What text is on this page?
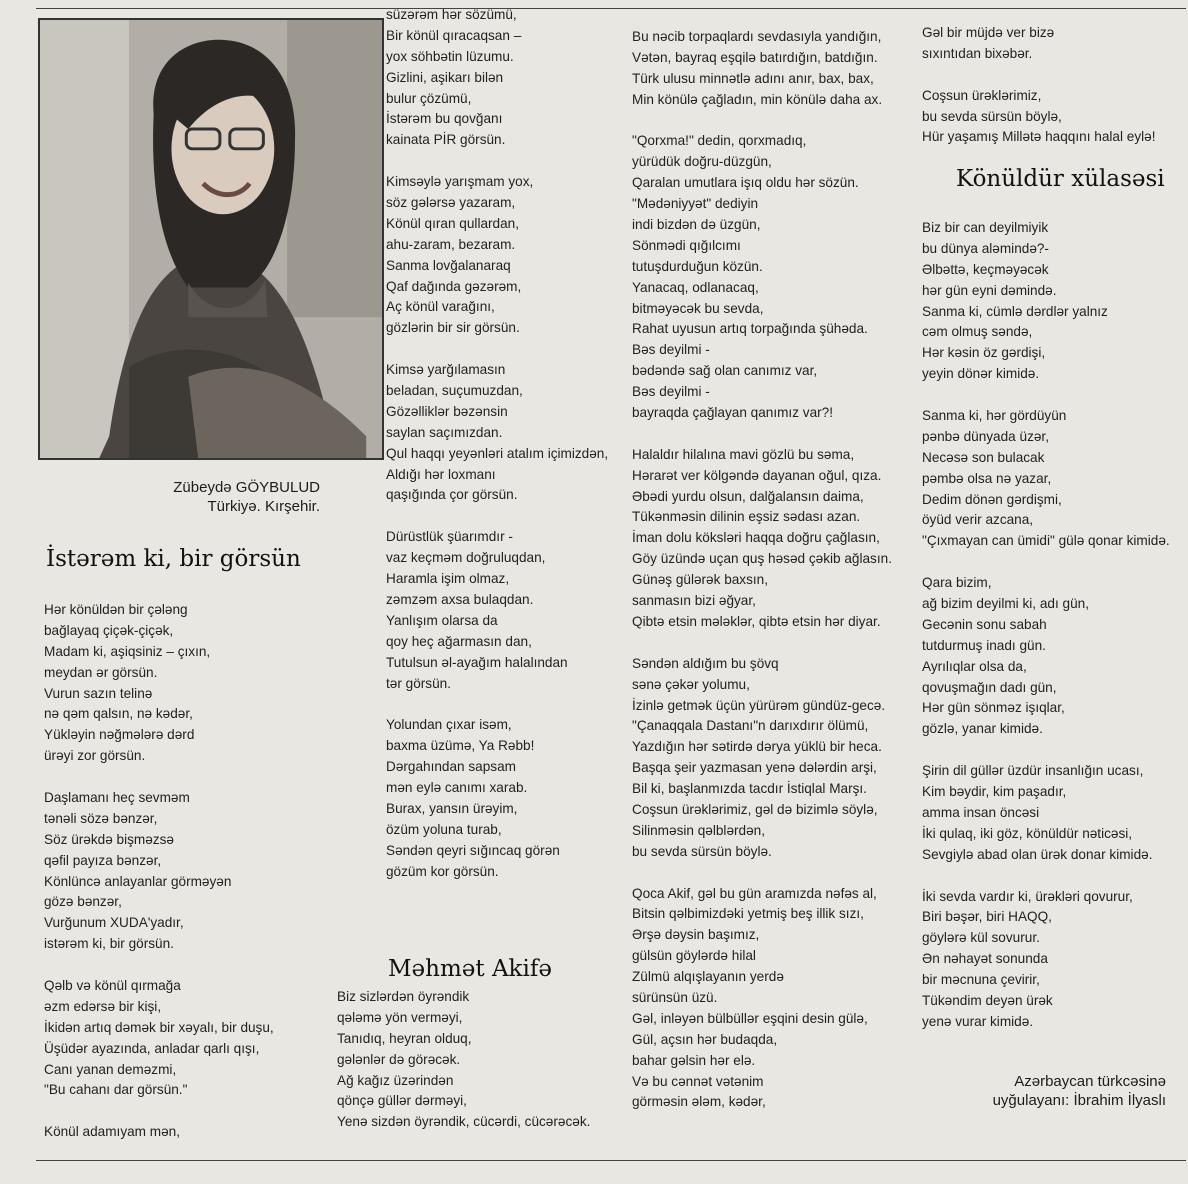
Zübeydə GÖYBULUD
Türkiyə. Kırşehir.
İstərəm ki, bir görsün
Məhmət Akifə
Könüldür xülasəsi
Hər könüldən bir çələng
bağlayaq çiçək-çiçək,
Madam ki, aşiqsiniz – çıxın,
meydan ər görsün.
Vurun sazın telinə
nə qəm qalsın, nə kədər,
Yükləyin nəğmələrə dərd
ürəyi zor görsün.
Daşlamanı heç sevməm
tənəli sözə bənzər,
Söz ürəkdə bişməzsə
qəfil payıza bənzər,
Könlüncə anlayanlar görməyən
gözə bənzər,
Vurğunum XUDA'yadır,
istərəm ki, bir görsün.
Qəlb və könül qırmağa
əzm edərsə bir kişi,
İkidən artıq dəmək bir xəyalı, bir duşu,
Üşüdər ayazında, anladar qarlı qışı,
Canı yanan deməzmi,
"Bu cahanı dar görsün."
Könül adamıyam mən,
süzərəm hər sözümü,
Bir könül qıracaqsan –
yox söhbətin lüzumu.
Gizlini, aşikarı bilən
bulur çözümü,
İstərəm bu qovğanı
kainata PİR görsün.
Kimsəylə yarışmam yox,
söz gələrsə yazaram,
Könül qıran qullardan,
ahu-zaram, bezaram.
Sanma lovğalanaraq
Qaf dağında gəzərəm,
Aç könül varağını,
gözlərin bir sir görsün.
Kimsə yarğılamasın
beladan, suçumuzdan,
Gözəlliklər bəzənsin
saylan saçımızdan.
Qul haqqı yeyənləri atalım içimizdən,
Aldığı hər loxmanı
qaşığında çor görsün.
Dürüstlük şüarımdır -
vaz keçməm doğruluqdan,
Haramla işim olmaz,
zəmzəm axsa bulaqdan.
Yanlışım olarsa da
qoy heç ağarmasın dan,
Tutulsun əl-ayağım halalından
tər görsün.
Yolundan çıxar isəm,
baxma üzümə, Ya Rəbb!
Dərgahından sapsam
mən eylə canımı xarab.
Burax, yansın ürəyim,
özüm yoluna turab,
Səndən qeyri sığıncaq görən
gözüm kor görsün.
Biz sizlərdən öyrəndik
qələmə yön verməyi,
Tanıdıq, heyran olduq,
gələnlər də görəcək.
Ağ kağız üzərindən
qönçə güllər dərməyi,
Yenə sizdən öyrəndik, cücərdi, cücərəcək.
Bu nəcib torpaqlardı sevdasıyla yandığın,
Vətən, bayraq eşqilə batırdığın, batdığın.
Türk ulusu minnətlə adını anır, bax, bax,
Min könülə çağladın, min könülə daha ax.
"Qorxma!" dedin, qorxmadıq,
yürüdük doğru-düzgün,
Qaralan umutlara işıq oldu hər sözün.
"Mədəniyyət" dediyin
indi bizdən də üzgün,
Sönmədi qığılcımı
tutuşdurduğun közün.
Yanacaq, odlanacaq,
bitməyəcək bu sevda,
Rahat uyusun artıq torpağında şühəda.
Bəs deyilmi -
bədəndə sağ olan canımız var,
Bəs deyilmi -
bayraqda çağlayan qanımız var?!
Halaldır hilalına mavi gözlü bu səma,
Hərarət ver kölgəndə dayanan oğul, qıza.
Əbədi yurdu olsun, dalğalansın daima,
Tükənməsin dilinin eşsiz sədası azan.
İman dolu köksləri haqqa doğru çağlasın,
Göy üzündə uçan quş həsəd çəkib ağlasın.
Günəş gülərək baxsın,
sanmasın bizi əğyar,
Qibtə etsin mələklər, qibtə etsin hər diyar.
Səndən aldığım bu şövq
sənə çəkər yolumu,
İzinlə getmək üçün yürürəm gündüz-gecə.
"Çanaqqala Dastanı"n darıxdırır ölümü,
Yazdığın hər sətirdə dərya yüklü bir heca.
Başqa şeir yazmasan yenə dələrdin arşi,
Bil ki, başlanmızda tacdır İstiqlal Marşı.
Coşsun ürəklərimiz, gəl də bizimlə söylə,
Silinməsin qəlblərdən,
bu sevda sürsün böylə.
Qoca Akif, gəl bu gün aramızda nəfəs al,
Bitsin qəlbimizdəki yetmiş beş illik sızı,
Ərşə dəysin başımız,
gülsün göylərdə hilal
Zülmü alqışlayanın yerdə
sürünsün üzü.
Gəl, inləyən bülbüllər eşqini desin gülə,
Gül, açsın hər budaqda,
bahar gəlsin hər elə.
Və bu cənnət vətənim
görməsin ələm, kədər,
Gəl bir müjdə ver bizə
sıxıntıdan bixəbər.
Coşsun ürəklərimiz,
bu sevda sürsün böylə,
Hür yaşamış Millətə haqqını halal eylə!
Biz bir can deyilmiyik
bu dünya aləmində?-
Əlbəttə, keçməyəcək
hər gün eyni dəmində.
Sanma ki, cümlə dərdlər yalnız
cəm olmuş səndə,
Hər kəsin öz gərdişi,
yeyin dönər kimidə.
Sanma ki, hər gördüyün
pənbə dünyada üzər,
Necəsə son bulacak
pəmbə olsa nə yazar,
Dedim dönən gərdişmi,
öyüd verir azcana,
"Çıxmayan can ümidi" gülə qonar kimidə.
Qara bizim,
ağ bizim deyilmi ki, adı gün,
Gecənin sonu sabah
tutdurmuş inadı gün.
Ayrılıqlar olsa da,
qovuşmağın dadı gün,
Hər gün sönməz işıqlar,
gözlə, yanar kimidə.
Şirin dil güllər üzdür insanlığın ucası,
Kim bəydir, kim paşadır,
amma insan öncəsi
İki qulaq, iki göz, könüldür nəticəsi,
Sevgiylə abad olan ürək donar kimidə.
İki sevda vardır ki, ürəkləri qovurur,
Biri bəşər, biri HAQQ,
göylərə kül sovurur.
Ən nəhayət sonunda
bir məcnuna çevirir,
Tükəndim deyən ürək
yenə vurar kimidə.
Azərbaycan türkcəsinə
uyğulayanı: İbrahim İlyaslı
